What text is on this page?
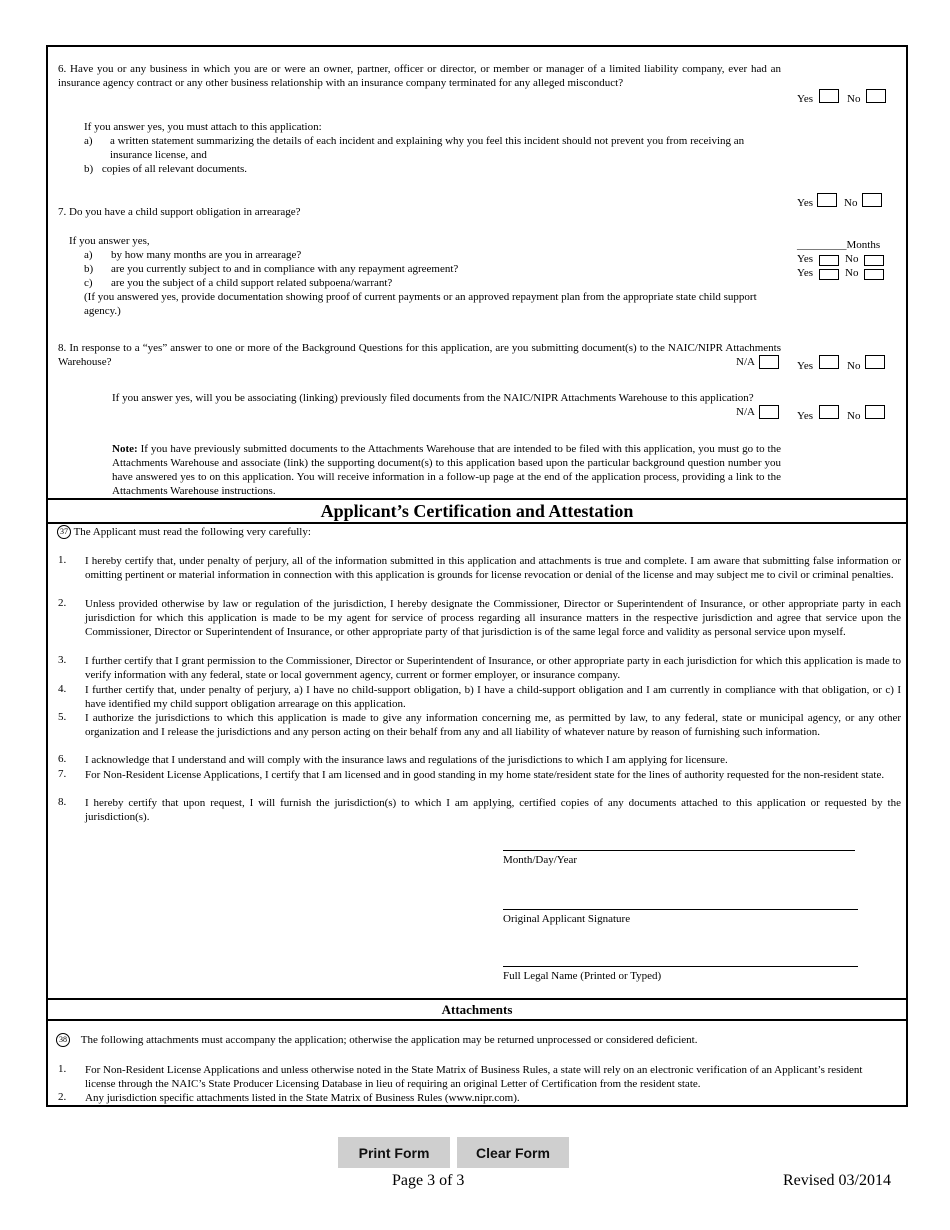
6. Have you or any business in which you are or were an owner, partner, officer or director, or member or manager of a limited liability company, ever had an insurance agency contract or any other business relationship with an insurance company terminated for any alleged misconduct?
Yes	No
If you answer yes, you must attach to this application:
a) a written statement summarizing the details of each incident and explaining why you feel this incident should not prevent you from receiving an insurance license, and
b) copies of all relevant documents.
Yes	No
7. Do you have a child support obligation in arrearage?
If you answer yes,
a) by how many months are you in arrearage?
b) are you currently subject to and in compliance with any repayment agreement?
c) are you the subject of a child support related subpoena/warrant?
(If you answered yes, provide documentation showing proof of current payments or an approved repayment plan from the appropriate state child support agency.)
_________Months
Yes	No
Yes	No
8. In response to a “yes” answer to one or more of the Background Questions for this application, are you submitting document(s) to the NAIC/NIPR Attachments Warehouse?	N/A	Yes	No
If you answer yes, will you be associating (linking) previously filed documents from the NAIC/NIPR Attachments Warehouse to this application?
N/A	Yes	No
Note: If you have previously submitted documents to the Attachments Warehouse that are intended to be filed with this application, you must go to the Attachments Warehouse and associate (link) the supporting document(s) to this application based upon the particular background question number you have answered yes to on this application. You will receive information in a follow-up page at the end of the application process, providing a link to the Attachments Warehouse instructions.
Applicant’s Certification and Attestation
37 The Applicant must read the following very carefully:
1.	I hereby certify that, under penalty of perjury, all of the information submitted in this application and attachments is true and complete. I am aware that submitting false information or omitting pertinent or material information in connection with this application is grounds for license revocation or denial of the license and may subject me to civil or criminal penalties.
2.	Unless provided otherwise by law or regulation of the jurisdiction, I hereby designate the Commissioner, Director or Superintendent of Insurance, or other appropriate party in each jurisdiction for which this application is made to be my agent for service of process regarding all insurance matters in the respective jurisdiction and agree that service upon the Commissioner, Director or Superintendent of Insurance, or other appropriate party of that jurisdiction is of the same legal force and validity as personal service upon myself.
3.	I further certify that I grant permission to the Commissioner, Director or Superintendent of Insurance, or other appropriate party in each jurisdiction for which this application is made to verify information with any federal, state or local government agency, current or former employer, or insurance company.
4.	I further certify that, under penalty of perjury, a) I have no child-support obligation, b) I have a child-support obligation and I am currently in compliance with that obligation, or c) I have identified my child support obligation arrearage on this application.
5.	I authorize the jurisdictions to which this application is made to give any information concerning me, as permitted by law, to any federal, state or municipal agency, or any other organization and I release the jurisdictions and any person acting on their behalf from any and all liability of whatever nature by reason of furnishing such information.
6.	I acknowledge that I understand and will comply with the insurance laws and regulations of the jurisdictions to which I am applying for licensure.
7.	For Non-Resident License Applications, I certify that I am licensed and in good standing in my home state/resident state for the lines of authority requested for the non-resident state.
8.	I hereby certify that upon request, I will furnish the jurisdiction(s) to which I am applying, certified copies of any documents attached to this application or requested by the jurisdiction(s).
Month/Day/Year
Original Applicant Signature
Full Legal Name (Printed or Typed)
Attachments
38 The following attachments must accompany the application; otherwise the application may be returned unprocessed or considered deficient.
1.	For Non-Resident License Applications and unless otherwise noted in the State Matrix of Business Rules, a state will rely on an electronic verification of an Applicant’s resident license through the NAIC’s State Producer Licensing Database in lieu of requiring an original Letter of Certification from the resident state.
2.	Any jurisdiction specific attachments listed in the State Matrix of Business Rules (www.nipr.com).
Print Form	Clear Form
Page 3 of 3	Revised 03/2014
